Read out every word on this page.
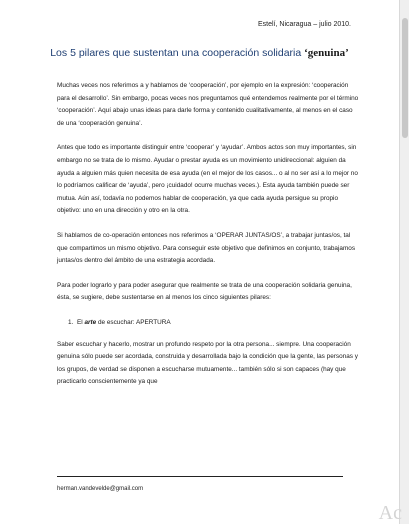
Estelí, Nicaragua – julio 2010.
Los 5 pilares que sustentan una cooperación solidaria ‘genuina’

Muchas veces nos referimos a y hablamos de ‘cooperación’, por ejemplo en la expresión: ‘cooperación para el desarrollo’. Sin embargo, pocas veces nos preguntamos qué entendemos realmente por el término ‘cooperación’. Aquí abajo unas ideas para darle forma y contenido cualitativamente, al menos en el caso de una ‘cooperación genuina’.

Antes que todo es importante distinguir entre ‘cooperar’ y ‘ayudar’. Ambos actos son muy importantes, sin embargo no se trata de lo mismo. Ayudar o prestar ayuda es un movimiento unidireccional: alguien da ayuda a alguien más quien necesita de esa ayuda (en el mejor de los casos... o al no ser así a lo mejor no lo podríamos calificar de ‘ayuda’, pero ¡cuidado! ocurre muchas veces.). Esta ayuda también puede ser mutua. Aún así, todavía no podemos hablar de cooperación, ya que cada ayuda persigue su propio objetivo: uno en una dirección y otro en la otra.

Si hablamos de co-operación entonces nos referimos a ‘OPERAR JUNTAS/OS’, a trabajar juntas/os, tal que compartimos un mismo objetivo. Para conseguir este objetivo que definimos en conjunto, trabajamos juntas/os dentro del ámbito de una estrategia acordada.

Para poder lograrlo y para poder asegurar que realmente se trata de una cooperación solidaria genuina, ésta, se sugiere, debe sustentarse en al menos los cinco siguientes pilares:

1. El arte de escuchar: APERTURA

Saber escuchar y hacerlo, mostrar un profundo respeto por la otra persona... siempre. Una cooperación genuina sólo puede ser acordada, construida y desarrollada bajo la condición que la gente, las personas y los grupos, de verdad se disponen a escucharse mutuamente... también sólo si son capaces (hay que practicarlo conscientemente ya que

herman.vandevelde@gmail.com
Ac
